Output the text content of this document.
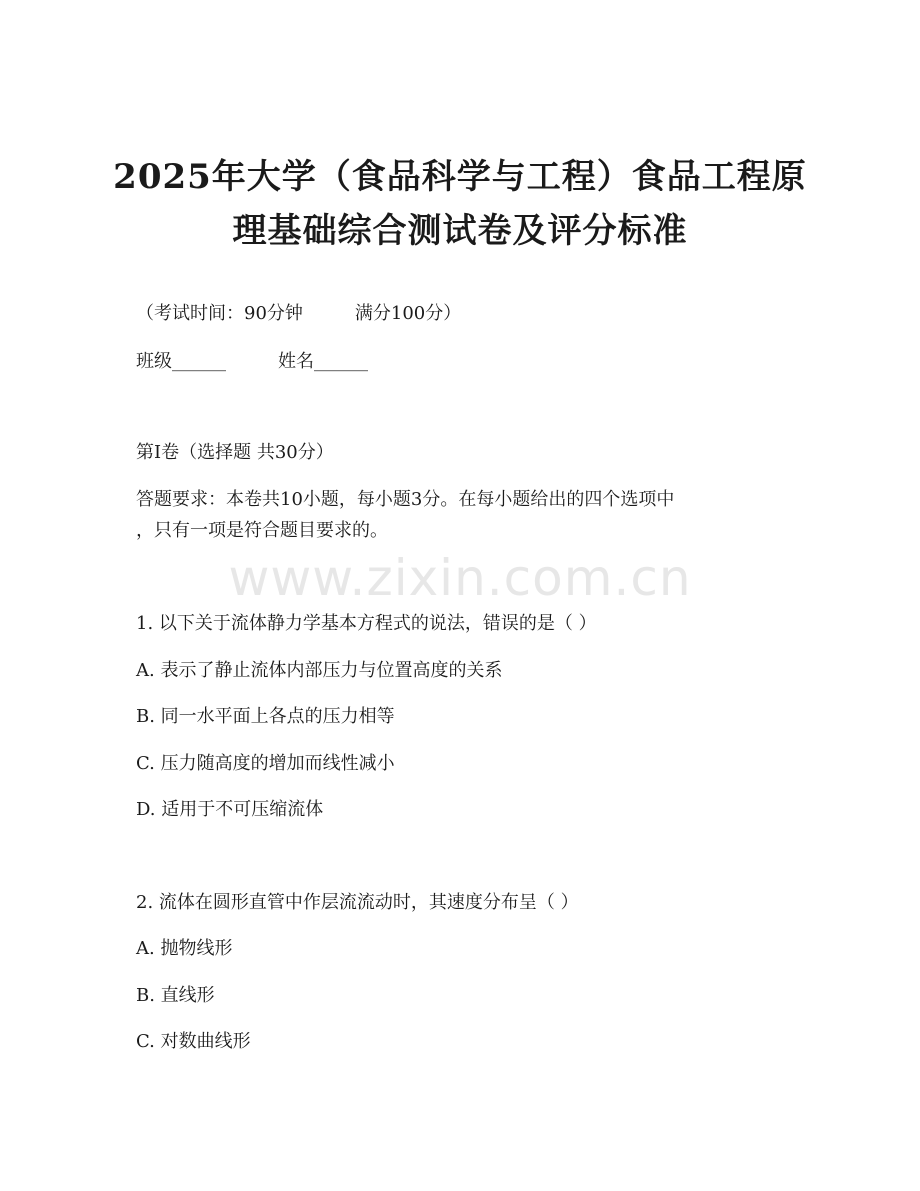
2025年大学（食品科学与工程）食品工程原
理基础综合测试卷及评分标准
（考试时间：90分钟	满分100分）
班级______	姓名______
第Ⅰ卷（选择题 共30分）
答题要求：本卷共10小题，每小题3分。在每小题给出的四个选项中
，只有一项是符合题目要求的。
www.zixin.com.cn
1. 以下关于流体静力学基本方程式的说法，错误的是（ ）
A. 表示了静止流体内部压力与位置高度的关系
B. 同一水平面上各点的压力相等
C. 压力随高度的增加而线性减小
D. 适用于不可压缩流体
2. 流体在圆形直管中作层流流动时，其速度分布呈（ ）
A. 抛物线形
B. 直线形
C. 对数曲线形
